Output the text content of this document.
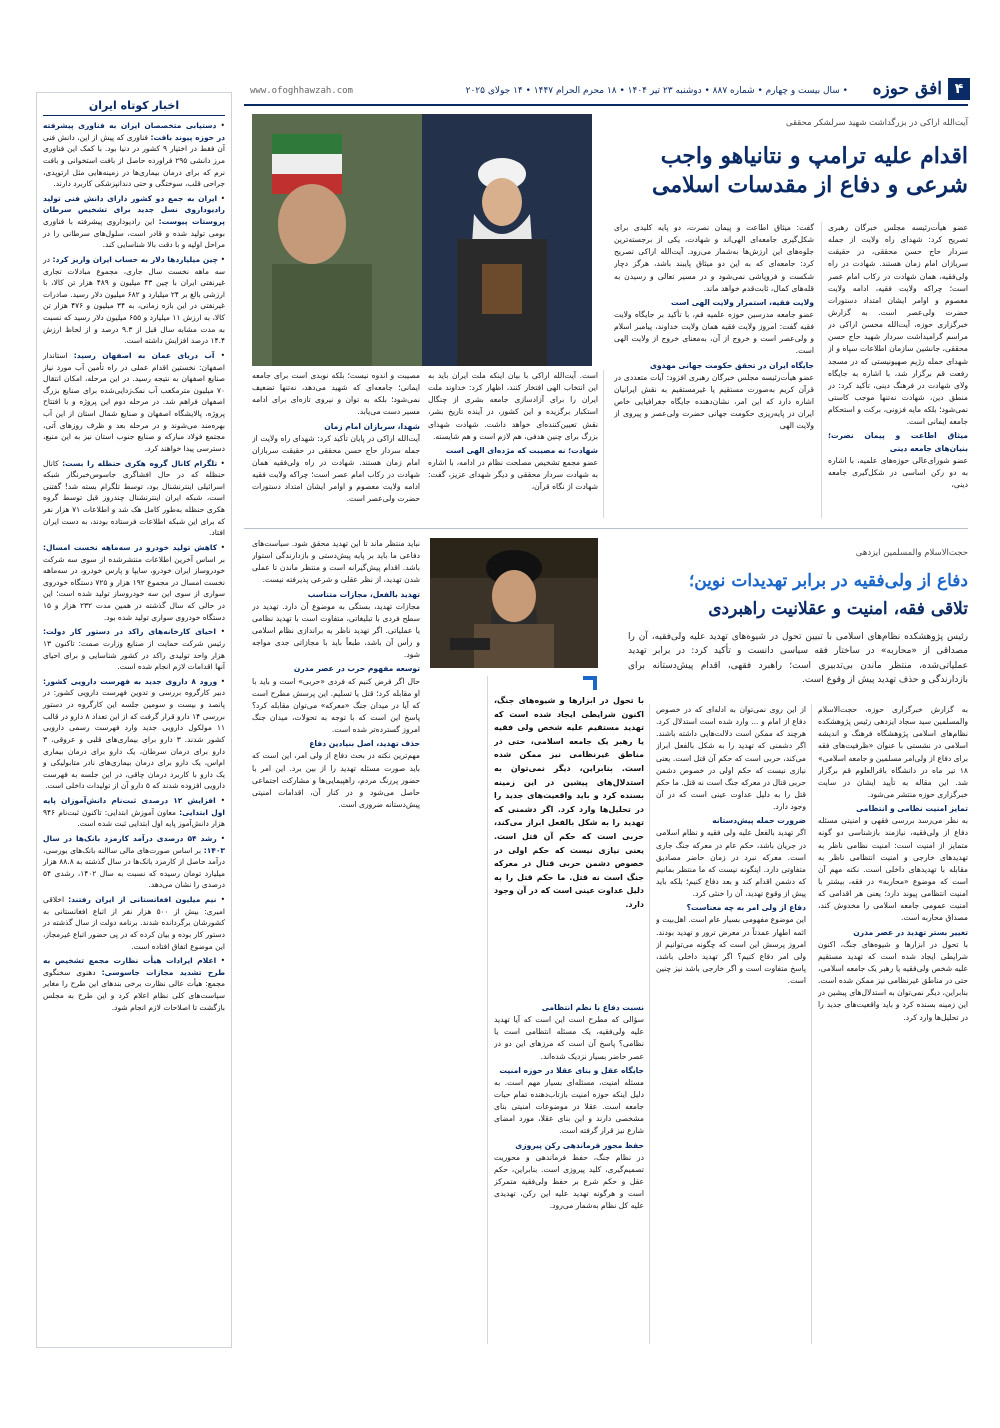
۴
افق حوزه
• سال بیست و چهارم • شماره ۸۸۷ • دوشنبه ۲۳ تیر ۱۴۰۴ • ۱۸ محرم الحرام ۱۴۴۷ • ۱۴ جولای ۲۰۲۵
www.ofoghhawzah.com
اخبار کوتاه ایران
• دستیابی متخصصان ایران به فناوری پیشرفته در حوزه پیوند بافت: فناوری که پیش از این، دانش فنی آن فقط در اختیار ۹ کشور در دنیا بود. با کمک این فناوری مرز دانشی ۲۹۵ فراورده حاصل از بافت استخوانی و بافت نرم که برای درمان بیماری‌ها در زمینه‌هایی مثل ارتوپدی، جراحی قلب، سوختگی و حتی دندانپزشکی کاربرد دارند.
• ایران به جمع دو کشور دارای دانش فنی تولید رادیوداروی نسل جدید برای تشخیص سرطان پروستات پیوست: این رادیوداروی پیشرفته با فناوری بومی تولید شده و قادر است، سلول‌های سرطانی را در مراحل اولیه و با دقت بالا شناسایی کند.
• چین میلیاردها دلار به حساب ایران واریز کرد: در سه ماهه نخست سال جاری، مجموع مبادلات تجاری غیرنفتی ایران با چین ۴۳ میلیون و ۴۸۹ هزار تن کالا، با ارزشی بالغ بر ۲۴ میلیارد و ۶۸۲ میلیون دلار رسید. صادرات غیرنفتی در این بازه زمانی، به ۳۴ میلیون و ۴۷۶ هزار تن کالا، به ارزش ۱۱ میلیارد و ۶۵۵ میلیون دلار رسید که نسبت به مدت مشابه سال قبل از ۹.۳ درصد و از لحاظ ارزش ۱۴.۴ درصد افزایش داشته است.
• آب دریای عمان به اصفهان رسید: استاندار اصفهان: نخستین اقدام عملی در راه تأمین آب مورد نیاز صنایع اصفهان به نتیجه رسید. در این مرحله، امکان انتقال ۷۰ میلیون مترمکعب آب نمک‌زدایی‌شده برای صنایع بزرگ اصفهان فراهم شد. در مرحله دوم این پروژه و با افتتاح پروژه، پالایشگاه اصفهان و صنایع شمال استان از این آب بهره‌مند می‌شوند و در مرحله بعد و ظرف روزهای آتی، مجتمع فولاد مبارکه و صنایع جنوب استان نیز به این منبع، دسترسی پیدا خواهند کرد.
• تلگرام کانال گروه هکری حنظله را بست: کانال حنظله که در حال افشاگری جاسوس‌خبرنگار شبکه اسرائیلی اینترنشنال بود، توسط تلگرام بسته شد! گفتنی است، شبکه ایران اینترنشنال چندروز قبل توسط گروه هکری حنظله به‌طور کامل هک شد و اطلاعات ۷۱ هزار نفر که برای این شبکه اطلاعات فرستاده بودند، به دست ایران افتاد.
• کاهش تولید خودرو در سه‌ماهه نخست امسال: بر اساس آخرین اطلاعات منتشرشده از سوی سه شرکت خودروساز ایران خودرو، سایپا و پارس خودرو، در سه‌ماهه نخست امسال در مجموع ۱۹۲ هزار و ۷۲۵ دستگاه خودروی سواری از سوی این سه خودروساز تولید شده است؛ این در حالی که سال گذشته در همین مدت ۲۳۲ هزار و ۱۵ دستگاه خودروی سواری تولید شده بود.
• احیای کارخانه‌های راکد در دستور کار دولت: رئیس شرکت حمایت از صنایع وزارت صمت: تاکنون ۱۳ هزار واحد تولیدی راکد در کشور شناسایی و برای احیای آنها اقدامات لازم انجام شده است.
• ورود ۸ داروی جدید به فهرست دارویی کشور: دبیر کارگروه بررسی و تدوین فهرست دارویی کشور: در پانصد و بیست و سومین جلسه این کارگروه در دستور بررسی ۱۴ دارو قرار گرفت که از این تعداد ۸ دارو در قالب ۱۱ مولکول دارویی جدید وارد فهرست رسمی دارویی کشور شدند. ۳ دارو برای بیماری‌های قلبی و عروقی، ۳ دارو برای درمان سرطان، یک دارو برای درمان بیماری ام‌اس، یک دارو برای درمان بیماری‌های نادر متابولیکی و یک دارو با کاربرد درمان چاقی، در این جلسه به فهرست دارویی افزوده شدند که ۵ دارو آن از تولیدات داخلی است.
• افزایش ۱۲ درصدی ثبت‌نام دانش‌آموزان پایه اول ابتدایی: معاون آموزش ابتدایی: تاکنون ثبت‌نام ۹۴۶ هزار دانش‌آموز پایه اول ابتدایی ثبت شده است.
• رشد ۵۴ درصدی درآمد کارمزد بانک‌ها در سال ۱۴۰۳: بر اساس صورت‌های مالی ساالنه بانک‌های بورسی، درآمد حاصل از کارمزد بانک‌ها در سال گذشته به ۸۸.۸ هزار میلیارد تومان رسیده که نسبت به سال ۱۴۰۲، رشدی ۵۴ درصدی را نشان می‌دهد.
• نیم میلیون افغانستانی از ایران رفتند: اخلاقی امیری: بیش از ۵۰۰ هزار نفر از اتباع افغانستانی به کشورشان برگردانده شدند. برنامه دولت از سال گذشته در دستور کار بوده و بیان کرده که در پی حضور اتباع غیرمجاز، این موضوع اتفاق افتاده است.
• اعلام ایرادات هیأت نظارت مجمع تشخیص به طرح تشدید مجازات جاسوسی: دهنوی سخنگوی مجمع: هیأت عالی نظارت برخی بندهای این طرح را مغایر سیاست‌های کلی نظام اعلام کرد و این طرح به مجلس بازگشت تا اصلاحات لازم انجام شود.
آیت‌الله اراکی در بزرگداشت شهید سرلشکر محققی
اقدام علیه ترامپ و نتانیاهو واجب شرعی و دفاع از مقدسات اسلامی
عضو هیأت‌رئیسه مجلس خبرگان رهبری تصریح کرد: شهدای راه ولایت از جمله سردار حاج حسن محققی، در حقیقت سربازان امام زمان هستند. شهادت در راه ولی‌فقیه، همان شهادت در رکاب امام عصر است؛ چراکه ولایت فقیه، ادامه ولایت معصوم و اوامر ایشان امتداد دستورات حضرت ولی‌عصر است. به گزارش خبرگزاری حوزه، آیت‌الله محسن اراکی در مراسم گرامیداشت سردار شهید حاج حسن محققی، جانشین سازمان اطلاعات سپاه و از شهدای حمله رژیم صهیونیستی که در مسجد رفعت قم برگزار شد، با اشاره به جایگاه ولای شهادت در فرهنگ دینی، تأکید کرد: در منطق دین، شهادت نه‌تنها موجب کاستی نمی‌شود؛ بلکه مایه فزونی، برکت و استحکام جامعه ایمانی است.
میثاق اطاعت و پیمان نصرت؛ بنیان‌های جامعه دینی
عضو شورای‌عالی حوزه‌های علمیه، با اشاره به دو رکن اساسی در شکل‌گیری جامعه دینی،
گفت: میثاق اطاعت و پیمان نصرت، دو پایه کلیدی برای شکل‌گیری جامعه‌ای الهی‌اند و شهادت، یکی از برجسته‌ترین جلوه‌های این ارزش‌ها به‌شمار می‌رود. آیت‌الله اراکی تصریح کرد: جامعه‌ای که به این دو میثاق پایبند باشد، هرگز دچار شکست و فروپاشی نمی‌شود و در مسیر تعالی و رسیدن به قله‌های کمال، ثابت‌قدم خواهد ماند.
ولایت فقیه، استمرار ولایت الهی است
عضو جامعه مدرسین حوزه علمیه قم، با تأکید بر جایگاه ولایت فقیه گفت: امروز ولایت فقیه همان ولایت خداوند، پیامبر اسلام و ولی‌عصر است و خروج از آن، به‌معنای خروج از ولایت الهی است.
جایگاه ایران در تحقق حکومت جهانی مهدوی
عضو هیأت‌رئیسه مجلس خبرگان رهبری افزود: آیات متعددی در قرآن کریم به‌صورت مستقیم یا غیرمستقیم به نقش ایرانیان اشاره دارد که این امر، نشان‌دهنده جایگاه جغرافیایی خاص ایران در پایه‌ریزی حکومت جهانی حضرت ولی‌عصر و پیروی از ولایت الهی
است. آیت‌الله اراکی با بیان اینکه ملت ایران باید به این انتخاب الهی افتخار کنند، اظهار کرد: خداوند ملت ایران را برای آزادسازی جامعه بشری از چنگال استکبار برگزیده و این کشور، در آینده تاریخ بشر، نقش تعیین‌کننده‌ای خواهد داشت. شهادت شهدای بزرگ برای چنین هدفی، هم لازم است و هم شایسته.
شهادت؛ نه مصیبت که مژده‌ای الهی است
عضو مجمع تشخیص مصلحت نظام در ادامه، با اشاره به شهادت سردار محققی و دیگر شهدای عزیز، گفت: شهادت از نگاه قرآن،
مصیبت و اندوه نیست؛ بلکه نوبدی است برای جامعه ایمانی؛ جامعه‌ای که شهید می‌دهد، نه‌تنها تضعیف نمی‌شود؛ بلکه به توان و نیروی تازه‌ای برای ادامه مسیر دست می‌یابد.
شهدا، سربازان امام زمان
آیت‌الله اراکی در پایان تأکید کرد: شهدای راه ولایت از جمله سردار حاج حسن محققی در حقیقت سربازان امام زمان هستند. شهادت در راه ولی‌فقیه همان شهادت در رکاب امام عصر است؛ چراکه ولایت فقیه ادامه ولایت معصوم و اوامر ایشان امتداد دستورات حضرت ولی‌عصر است.
حجت‌الاسلام والمسلمین ایزدهی
دفاع از ولی‌فقیه در برابر تهدیدات نوین؛
تلاقی فقه، امنیت و عقلانیت راهبردی
رئیس پژوهشکده نظام‌های اسلامی با تبیین تحول در شیوه‌های تهدید علیه ولی‌فقیه، آن را مصداقی از «محاربه» در ساختار فقه سیاسی دانست و تأکید کرد: در برابر تهدید عملیاتی‌شده، منتظر ماندن بی‌تدبیری است؛ راهبرد فقهی، اقدام پیش‌دستانه برای بازدارندگی و حذف تهدید پیش از وقوع است.
به گزارش خبرگزاری حوزه، حجت‌الاسلام والمسلمین سید سجاد ایزدهی رئیس پژوهشکده نظام‌های اسلامی پژوهشگاه فرهنگ و اندیشه اسلامی در نشستی با عنوان «ظرفیت‌های فقه برای دفاع از ولی‌امر مسلمین و جامعه اسلامی» ۱۸ تیر ماه در دانشگاه باقرالعلوم قم برگزار شد. این مقاله به تأیید ایشان در سایت خبرگزاری حوزه منتشر می‌شود.
تمایز امنیت نظامی و انتظامی
به نظر می‌رسد بررسی فقهی و امنیتی مسئله دفاع از ولی‌فقیه، نیازمند بازشناسی دو گونه متمایز از امنیت است: امنیت نظامی ناظر به تهدیدهای خارجی و امنیت انتظامی ناظر به مقابله با تهدیدهای داخلی است. نکته مهم آن است که موضوع «محاربه» در فقه، بیشتر با امنیت انتظامی پیوند دارد؛ یعنی هر اقدامی که امنیت عمومی جامعه اسلامی را مخدوش کند، مصداق محاربه است.
تغییر بستر تهدید در عصر مدرن
با تحول در ابزارها و شیوه‌های جنگ، اکنون شرایطی ایجاد شده است که تهدید مستقیم علیه شخص ولی‌فقیه یا رهبر یک جامعه اسلامی، حتی در مناطق غیرنظامی نیز ممکن شده است. بنابراین، دیگر نمی‌توان به استدلال‌های پیشین در این زمینه بسنده کرد و باید واقعیت‌های جدید را در تحلیل‌ها وارد کرد.
از این روی نمی‌توان به ادله‌ای که در خصوص دفاع از امام و ... وارد شده است استدلال کرد. هرچند که ممکن است دلالت‌هایی داشته باشند. اگر دشمنی که تهدید را به شکل بالفعل ابراز می‌کند، حربی است که حکم آن قتل است. یعنی نیازی نیست که حکم اولی در خصوص دشمن حربی قتال در معرکه جنگ است نه قتل. ما حکم قتل را به دلیل عداوت عینی است که در آن وجود دارد.
ضرورت حمله پیش‌دستانه
اگر تهدید بالفعل علیه ولی فقیه و نظام اسلامی در جریان باشد، حکم عام در معرکه جنگ جاری است. معرکه نبرد در زمان حاضر مصادیق متفاوتی دارد. اینگونه نیست که ما منتظر بمانیم که دشمن اقدام کند و بعد دفاع کنیم؛ بلکه باید پیش از وقوع تهدید، آن را خنثی کرد.
دفاع از ولی امر به چه معناست؟
این موضوع مفهومی بسیار عام است. اهل‌بیت و ائمه اطهار عمدتاً در معرض ترور و تهدید بودند. امروز پرسش این است که چگونه می‌توانیم از ولی امر دفاع کنیم؟ اگر تهدید داخلی باشد، پاسخ متفاوت است و اگر خارجی باشد نیز چنین است.
با تحول در ابزارها و شیوه‌های جنگ، اکنون شرایطی ایجاد شده است که تهدید مستقیم علیه شخص ولی فقیه یا رهبر یک جامعه اسلامی، حتی در مناطق غیرنظامی نیز ممکن شده است. بنابراین، دیگر نمی‌توان به استدلال‌های پیشین در این زمینه بسنده کرد و باید واقعیت‌های جدید را در تحلیل‌ها وارد کرد. اگر دشمنی که تهدید را به شکل بالفعل ابراز می‌کند، حربی است که حکم آن قتل است. یعنی نیازی نیست که حکم اولی در خصوص دشمن حربی قتال در معرکه جنگ است نه قتل. ما حکم قتل را به دلیل عداوت عینی است که در آن وجود دارد.
نسبت دفاع با نظم انتظامی
سؤالی که مطرح است این است که آیا تهدید علیه ولی‌فقیه، یک مسئله انتظامی است یا نظامی؟ پاسخ آن است که مرزهای این دو در عصر حاضر بسیار نزدیک شده‌اند.
جایگاه عقل و بنای عقلا در حوزه امنیت
مسئله امنیت، مسئله‌ای بسیار مهم است. به دلیل اینکه حوزه امنیت بازتاب‌دهنده تمام حیات جامعه است. عقلا در موضوعات امنیتی بنای مشخصی دارند و این بنای عقلا، مورد امضای شارع نیز قرار گرفته است.
حفظ محور فرماندهی رکن پیروزی
در نظام جنگ، حفظ فرماندهی و محوریت تصمیم‌گیری، کلید پیروزی است. بنابراین، حکم عقل و حکم شرع بر حفظ ولی‌فقیه متمرکز است و هرگونه تهدید علیه این رکن، تهدیدی علیه کل نظام به‌شمار می‌رود.
نباید منتظر ماند تا این تهدید محقق شود. سیاست‌های دفاعی ما باید بر پایه پیش‌دستی و بازدارندگی استوار باشد. اقدام پیش‌گیرانه است و منتظر ماندن تا عملی شدن تهدید، از نظر عقلی و شرعی پذیرفته نیست.
تهدید بالفعل، مجازات متناسب
مجازات تهدید، بستگی به موضوع آن دارد. تهدید در سطح فردی با تبلیغاتی، متفاوت است با تهدید نظامی یا عملیاتی. اگر تهدید ناظر به براندازی نظام اسلامی و رأس آن باشد، طبعاً باید با مجازاتی جدی مواجه شود.
توسعه مفهوم حرب در عصر مدرن
حال اگر فرض کنیم که فردی «حربی» است و باید با او مقابله کرد؛ قتل یا تسلیم. این پرسش مطرح است که آیا در میدان جنگ «معرکه» می‌توان مقابله کرد؟ پاسخ این است که با توجه به تحولات، میدان جنگ امروز گسترده‌تر شده است.
حذف تهدید، اصل بنیادین دفاع
مهم‌ترین نکته در بحث دفاع از ولی امر، این است که باید صورت مسئله تهدید را از بین برد. این امر با حضور پررنگ مردم، راهپیمایی‌ها و مشارکت اجتماعی حاصل می‌شود و در کنار آن، اقدامات امنیتی پیش‌دستانه ضروری است.
